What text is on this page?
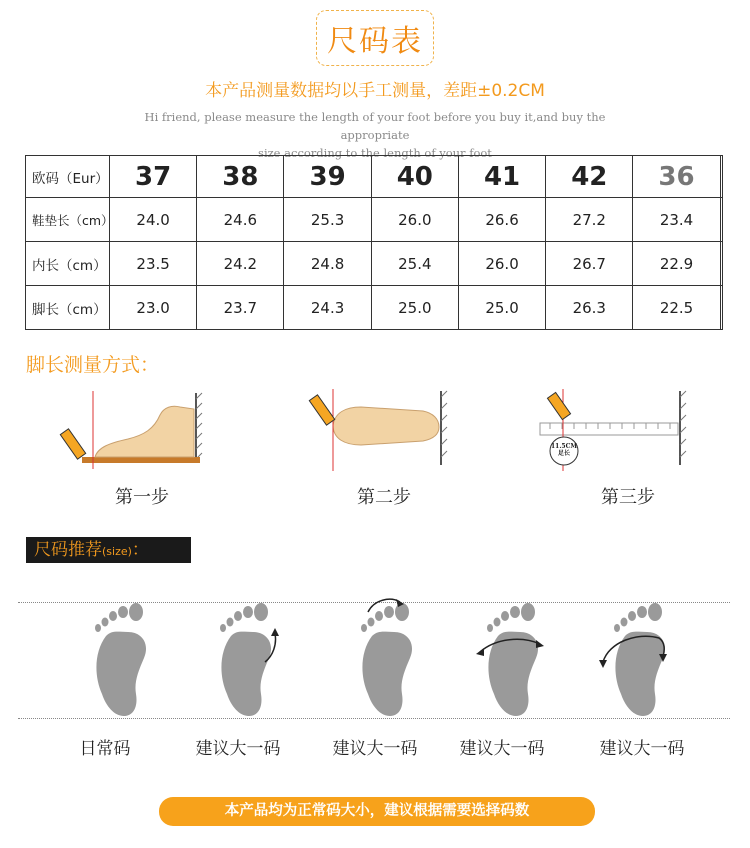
尺码表
本产品测量数据均以手工测量，差距±0.2CM
Hi friend, please measure the length of your foot before you buy it,and buy the appropriate
size according to the length of your foot
欧码（Eur）	37	38	39	40	41	42	36	
鞋垫长（cm）	24.0	24.6	25.3	26.0	26.6	27.2	23.4	
内长（cm）	23.5	24.2	24.8	25.4	26.0	26.7	22.9	
脚长（cm）	23.0	23.7	24.3	25.0	25.0	26.3	22.5	
脚长测量方式：
第一步	第二步
11.5CM
足长
第三步
尺码推荐(size)：
日常码	建议大一码	建议大一码	建议大一码	建议大一码
本产品均为正常码大小，建议根据需要选择码数
